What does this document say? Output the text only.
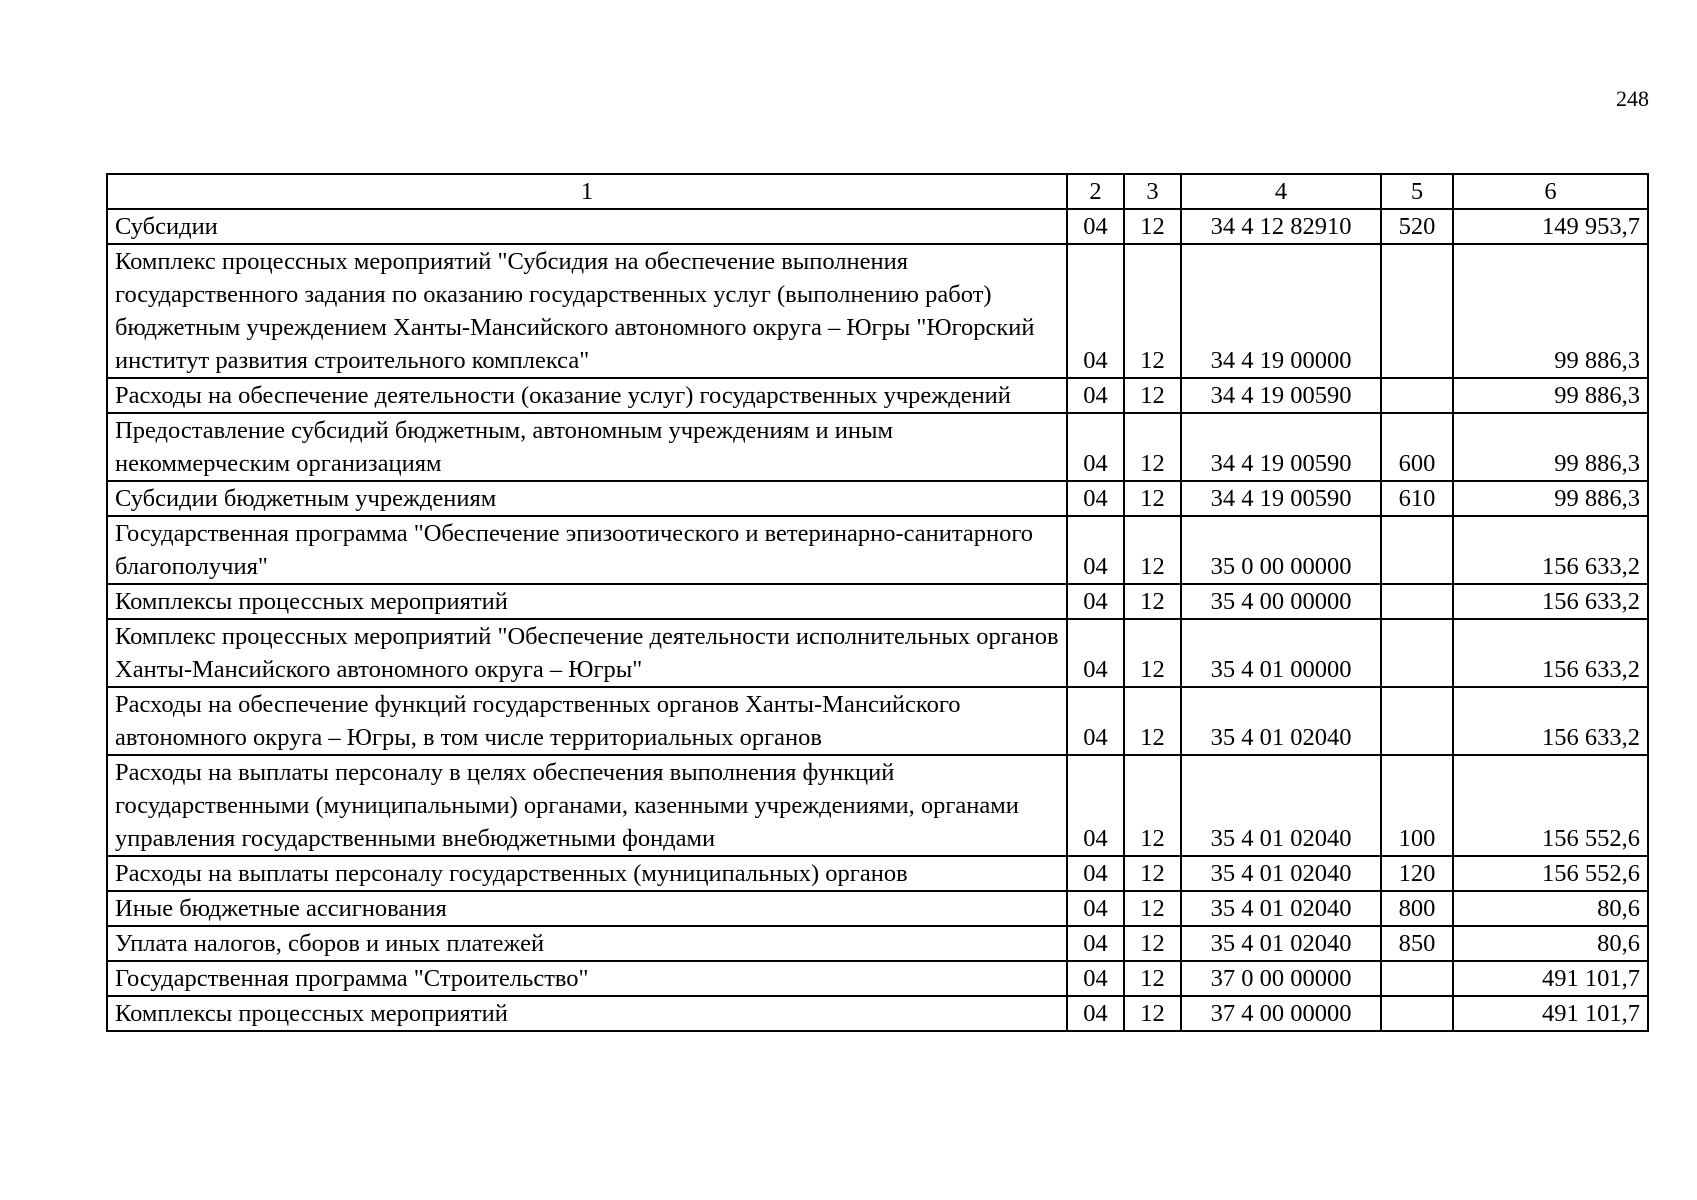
248
1	2	3	4	5	6
Субсидии	04	12	34 4 12 82910	520	149 953,7
Комплекс процессных мероприятий "Субсидия на обеспечение выполнения государственного задания по оказанию государственных услуг (выполнению работ) бюджетным учреждением Ханты-Мансийского автономного округа – Югры "Югорский институт развития строительного комплекса"	04	12	34 4 19 00000		99 886,3
Расходы на обеспечение деятельности (оказание услуг) государственных учреждений	04	12	34 4 19 00590		99 886,3
Предоставление субсидий бюджетным, автономным учреждениям и иным некоммерческим организациям	04	12	34 4 19 00590	600	99 886,3
Субсидии бюджетным учреждениям	04	12	34 4 19 00590	610	99 886,3
Государственная программа "Обеспечение эпизоотического и ветеринарно-санитарного благополучия"	04	12	35 0 00 00000		156 633,2
Комплексы процессных мероприятий	04	12	35 4 00 00000		156 633,2
Комплекс процессных мероприятий "Обеспечение деятельности исполнительных органов Ханты-Мансийского автономного округа – Югры"	04	12	35 4 01 00000		156 633,2
Расходы на обеспечение функций государственных органов Ханты-Мансийского автономного округа – Югры, в том числе территориальных органов	04	12	35 4 01 02040		156 633,2
Расходы на выплаты персоналу в целях обеспечения выполнения функций государственными (муниципальными) органами, казенными учреждениями, органами управления государственными внебюджетными фондами	04	12	35 4 01 02040	100	156 552,6
Расходы на выплаты персоналу государственных (муниципальных) органов	04	12	35 4 01 02040	120	156 552,6
Иные бюджетные ассигнования	04	12	35 4 01 02040	800	80,6
Уплата налогов, сборов и иных платежей	04	12	35 4 01 02040	850	80,6
Государственная программа "Строительство"	04	12	37 0 00 00000		491 101,7
Комплексы процессных мероприятий	04	12	37 4 00 00000		491 101,7
